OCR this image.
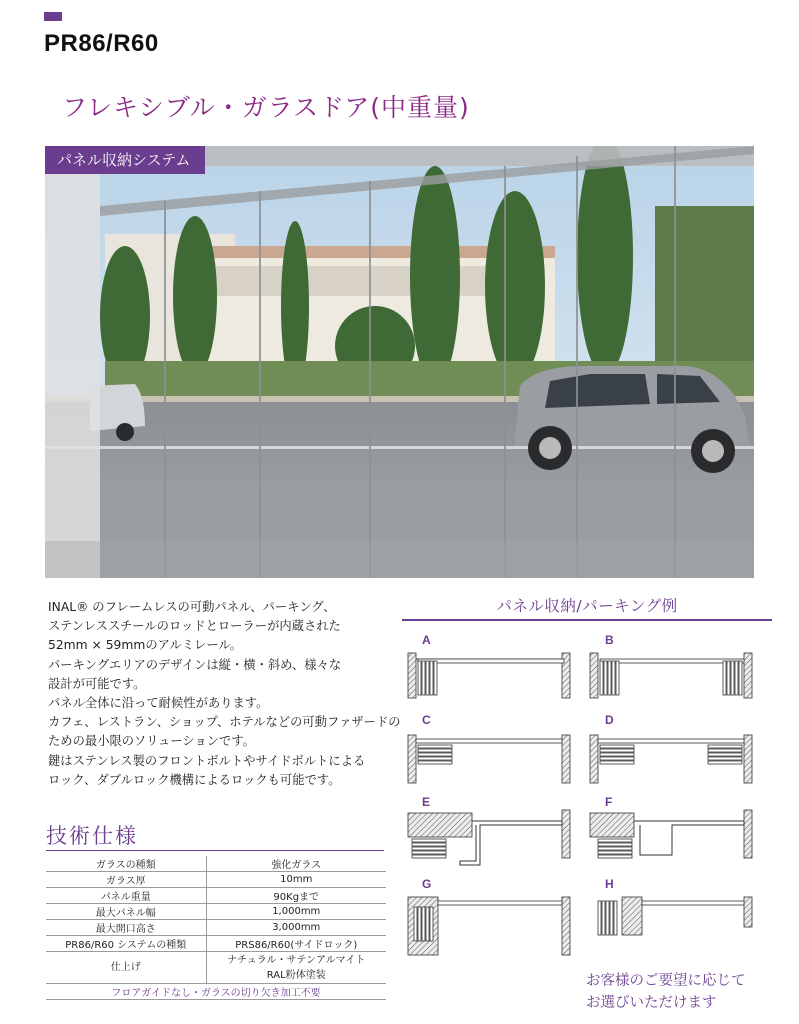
PR86/R60
フレキシブル・ガラスドア(中重量)
パネル収納システム

INAL® のフレームレスの可動パネル、パーキング、

ステンレススチールのロッドとローラーが内蔵された

52mm × 59mmのアルミレール。

パーキングエリアのデザインは縦・横・斜め、様々な

設計が可能です。

パネル全体に沿って耐候性があります。

カフェ、レストラン、ショップ、ホテルなどの可動ファザードの

ための最小限のソリューションです。

鍵はステンレス製のフロントボルトやサイドボルトによる

ロック、ダブルロック機構によるロックも可能です。

パネル収納/パーキング例
A	B
C	D
E	F
G	H
お客様のご要望に応じて
お選びいただけます
技術仕様
ガラスの種類	強化ガラス
ガラス厚	10mm
パネル重量	90Kgまで
最大パネル幅	1,000mm
最大開口高さ	3,000mm
PR86/R60 システムの種類	PRS86/R60(サイドロック)
仕上げ	ナチュラル・サテンアルマイト
RAL粉体塗装

フロアガイドなし・ガラスの切り欠き加工不要	
